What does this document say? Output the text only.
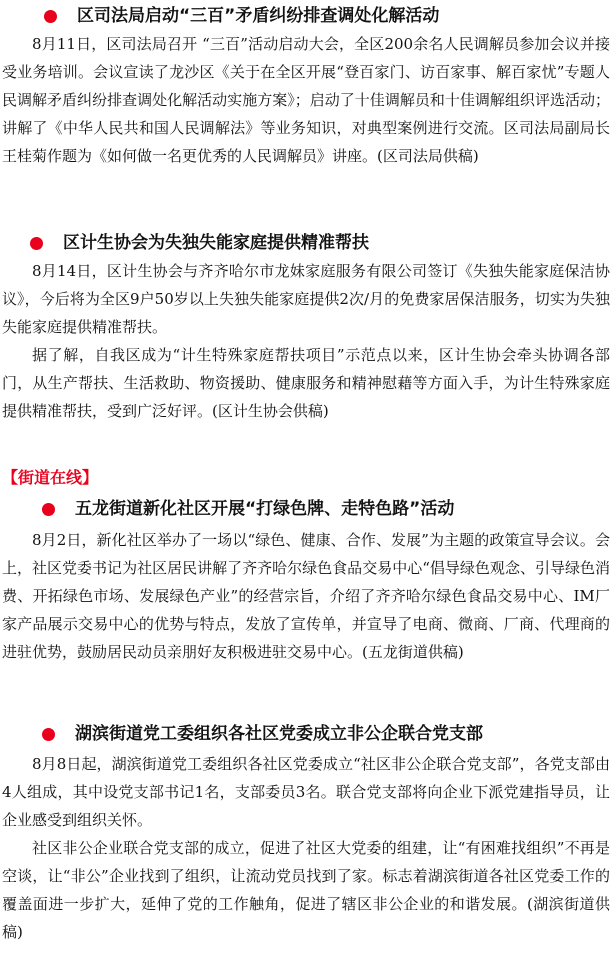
区司法局启动“三百”矛盾纠纷排查调处化解活动

8月11日，区司法局召开 “三百”活动启动大会，全区200余名人民调解员参加会议并接受业务培训。会议宣读了龙沙区《关于在全区开展“登百家门、访百家事、解百家忧”专题人民调解矛盾纠纷排查调处化解活动实施方案》；启动了十佳调解员和十佳调解组织评选活动；讲解了《中华人民共和国人民调解法》等业务知识，对典型案例进行交流。区司法局副局长王桂菊作题为《如何做一名更优秀的人民调解员》讲座。(区司法局供稿)

区计生协会为失独失能家庭提供精准帮扶

8月14日，区计生协会与齐齐哈尔市龙妹家庭服务有限公司签订《失独失能家庭保洁协议》，今后将为全区9户50岁以上失独失能家庭提供2次/月的免费家居保洁服务，切实为失独失能家庭提供精准帮扶。

据了解，自我区成为“计生特殊家庭帮扶项目”示范点以来，区计生协会牵头协调各部门，从生产帮扶、生活救助、物资援助、健康服务和精神慰藉等方面入手，为计生特殊家庭提供精准帮扶，受到广泛好评。(区计生协会供稿)

【街道在线】
五龙街道新化社区开展“打绿色牌、走特色路”活动

8月2日，新化社区举办了一场以“绿色、健康、合作、发展”为主题的政策宣导会议。会上，社区党委书记为社区居民讲解了齐齐哈尔绿色食品交易中心“倡导绿色观念、引导绿色消费、开拓绿色市场、发展绿色产业”的经营宗旨，介绍了齐齐哈尔绿色食品交易中心、IM厂家产品展示交易中心的优势与特点，发放了宣传单，并宣导了电商、微商、厂商、代理商的进驻优势，鼓励居民动员亲朋好友积极进驻交易中心。(五龙街道供稿)

湖滨街道党工委组织各社区党委成立非公企联合党支部

8月8日起，湖滨街道党工委组织各社区党委成立“社区非公企联合党支部”，各党支部由4人组成，其中设党支部书记1名，支部委员3名。联合党支部将向企业下派党建指导员，让企业感受到组织关怀。

社区非公企业联合党支部的成立，促进了社区大党委的组建，让“有困难找组织”不再是空谈，让“非公”企业找到了组织，让流动党员找到了家。标志着湖滨街道各社区党委工作的覆盖面进一步扩大，延伸了党的工作触角，促进了辖区非公企业的和谐发展。(湖滨街道供稿)
